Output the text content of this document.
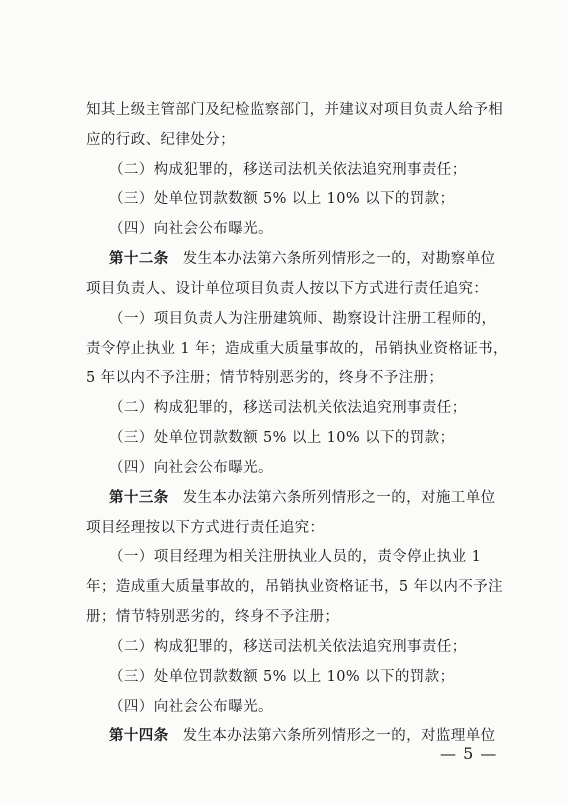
知其上级主管部门及纪检监察部门，并建议对项目负责人给予相
应的行政、纪律处分；
（二）构成犯罪的，移送司法机关依法追究刑事责任；
（三）处单位罚款数额 5% 以上 10% 以下的罚款；
（四）向社会公布曝光。
第十二条 发生本办法第六条所列情形之一的，对勘察单位
项目负责人、设计单位项目负责人按以下方式进行责任追究：
（一）项目负责人为注册建筑师、勘察设计注册工程师的，
责令停止执业 1 年；造成重大质量事故的，吊销执业资格证书，
5 年以内不予注册；情节特别恶劣的，终身不予注册；
（二）构成犯罪的，移送司法机关依法追究刑事责任；
（三）处单位罚款数额 5% 以上 10% 以下的罚款；
（四）向社会公布曝光。
第十三条 发生本办法第六条所列情形之一的，对施工单位
项目经理按以下方式进行责任追究：
（一）项目经理为相关注册执业人员的，责令停止执业 1
年；造成重大质量事故的，吊销执业资格证书，5 年以内不予注
册；情节特别恶劣的，终身不予注册；
（二）构成犯罪的，移送司法机关依法追究刑事责任；
（三）处单位罚款数额 5% 以上 10% 以下的罚款；
（四）向社会公布曝光。
第十四条 发生本办法第六条所列情形之一的，对监理单位
— 5 —
